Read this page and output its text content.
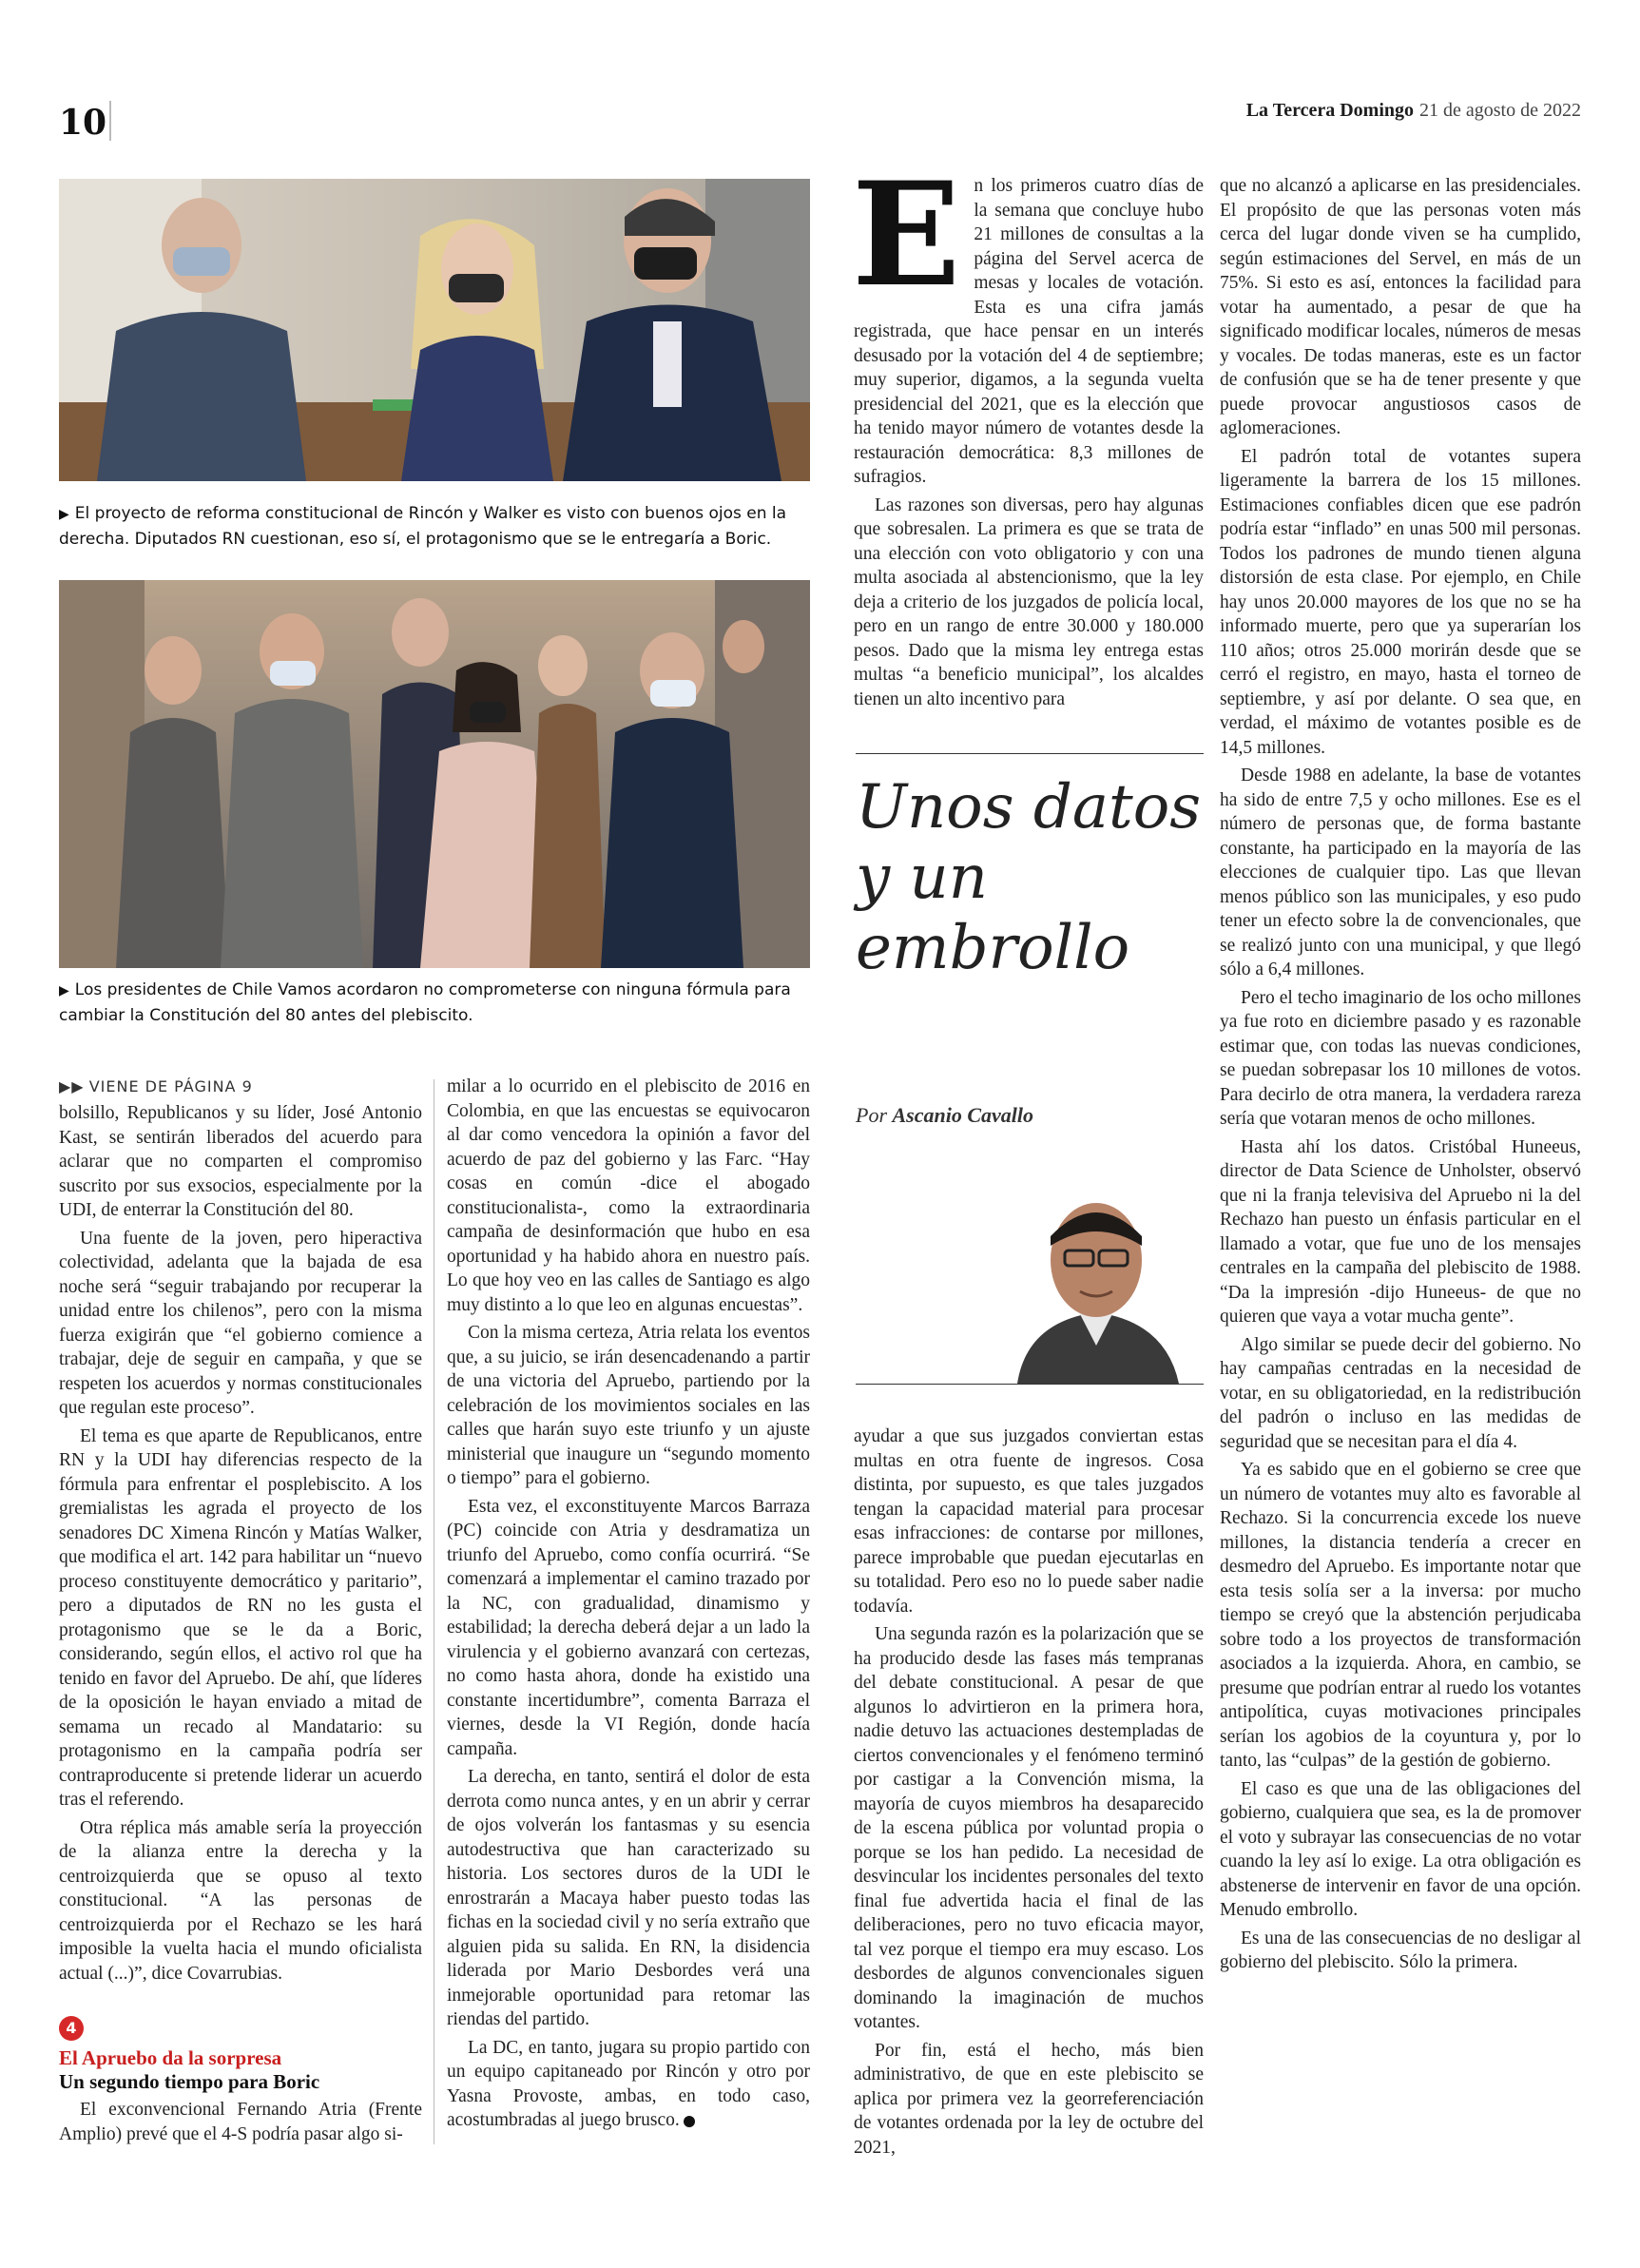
10	La Tercera Domingo 21 de agosto de 2022
▶ El proyecto de reforma constitucional de Rincón y Walker es visto con buenos ojos en la derecha. Diputados RN cuestionan, eso sí, el protagonismo que se le entregaría a Boric.
▶ Los presidentes de Chile Vamos acordaron no comprometerse con ninguna fórmula para cambiar la Constitución del 80 antes del plebiscito.
▶▶ VIENE DE PÁGINA 9

bolsillo, Republicanos y su líder, José Antonio Kast, se sentirán liberados del acuerdo para aclarar que no comparten el compromiso suscrito por sus exsocios, especialmente por la UDI, de enterrar la Constitución del 80.

Una fuente de la joven, pero hiperactiva colectividad, adelanta que la bajada de esa noche será “seguir trabajando por recuperar la unidad entre los chilenos”, pero con la misma fuerza exigirán que “el gobierno comience a trabajar, deje de seguir en campaña, y que se respeten los acuerdos y normas constitucionales que regulan este proceso”.

El tema es que aparte de Republicanos, entre RN y la UDI hay diferencias respecto de la fórmula para enfrentar el posplebiscito. A los gremialistas les agrada el proyecto de los senadores DC Ximena Rincón y Matías Walker, que modifica el art. 142 para habilitar un “nuevo proceso constituyente democrático y paritario”, pero a diputados de RN no les gusta el protagonismo que se le da a Boric, considerando, según ellos, el activo rol que ha tenido en favor del Apruebo. De ahí, que líderes de la oposición le hayan enviado a mitad de semama un recado al Mandatario: su protagonismo en la campaña podría ser contraproducente si pretende liderar un acuerdo tras el referendo.

Otra réplica más amable sería la proyección de la alianza entre la derecha y la centroizquierda que se opuso al texto constitucional. “A las personas de centroizquierda por el Rechazo se les hará imposible la vuelta hacia el mundo oficialista actual (...)”, dice Covarrubias.

4
El Apruebo da la sorpresa
Un segundo tiempo para Boric

El exconvencional Fernando Atria (Frente Amplio) prevé que el 4-S podría pasar algo si-

milar a lo ocurrido en el plebiscito de 2016 en Colombia, en que las encuestas se equivocaron al dar como vencedora la opinión a favor del acuerdo de paz del gobierno y las Farc. “Hay cosas en común -dice el abogado constitucionalista-, como la extraordinaria campaña de desinformación que hubo en esa oportunidad y ha habido ahora en nuestro país. Lo que hoy veo en las calles de Santiago es algo muy distinto a lo que leo en algunas encuestas”.

Con la misma certeza, Atria relata los eventos que, a su juicio, se irán desencadenando a partir de una victoria del Apruebo, partiendo por la celebración de los movimientos sociales en las calles que harán suyo este triunfo y un ajuste ministerial que inaugure un “segundo momento o tiempo” para el gobierno.

Esta vez, el exconstituyente Marcos Barraza (PC) coincide con Atria y desdramatiza un triunfo del Apruebo, como confía ocurrirá. “Se comenzará a implementar el camino trazado por la NC, con gradualidad, dinamismo y estabilidad; la derecha deberá dejar a un lado la virulencia y el gobierno avanzará con certezas, no como hasta ahora, donde ha existido una constante incertidumbre”, comenta Barraza el viernes, desde la VI Región, donde hacía campaña.

La derecha, en tanto, sentirá el dolor de esta derrota como nunca antes, y en un abrir y cerrar de ojos volverán los fantasmas y su esencia autodestructiva que han caracterizado su historia. Los sectores duros de la UDI le enrostrarán a Macaya haber puesto todas las fichas en la sociedad civil y no sería extraño que alguien pida su salida. En RN, la disidencia liderada por Mario Desbordes verá una inmejorable oportunidad para retomar las riendas del partido.

La DC, en tanto, jugara su propio partido con un equipo capitaneado por Rincón y otro por Yasna Provoste, ambas, en todo caso, acostumbradas al juego brusco.

E n los primeros cuatro días de la semana que concluye hubo 21 millones de consultas a la página del Servel acerca de mesas y locales de votación. Esta es una cifra jamás registrada, que hace pensar en un interés desusado por la votación del 4 de septiembre; muy superior, digamos, a la segunda vuelta presidencial del 2021, que es la elección que ha tenido mayor número de votantes desde la restauración democrática: 8,3 millones de sufragios.

Las razones son diversas, pero hay algunas que sobresalen. La primera es que se trata de una elección con voto obligatorio y con una multa asociada al abstencionismo, que la ley deja a criterio de los juzgados de policía local, pero en un rango de entre 30.000 y 180.000 pesos. Dado que la misma ley entrega estas multas “a beneficio municipal”, los alcaldes tienen un alto incentivo para

Unos datos y un embrollo
Por Ascanio Cavallo

ayudar a que sus juzgados conviertan estas multas en otra fuente de ingresos. Cosa distinta, por supuesto, es que tales juzgados tengan la capacidad material para procesar esas infracciones: de contarse por millones, parece improbable que puedan ejecutarlas en su totalidad. Pero eso no lo puede saber nadie todavía.

Una segunda razón es la polarización que se ha producido desde las fases más tempranas del debate constitucional. A pesar de que algunos lo advirtieron en la primera hora, nadie detuvo las actuaciones destempladas de ciertos convencionales y el fenómeno terminó por castigar a la Convención misma, la mayoría de cuyos miembros ha desaparecido de la escena pública por voluntad propia o porque se los han pedido. La necesidad de desvincular los incidentes personales del texto final fue advertida hacia el final de las deliberaciones, pero no tuvo eficacia mayor, tal vez porque el tiempo era muy escaso. Los desbordes de algunos convencionales siguen dominando la imaginación de muchos votantes.

Por fin, está el hecho, más bien administrativo, de que en este plebiscito se aplica por primera vez la georreferenciación de votantes ordenada por la ley de octubre del 2021,

que no alcanzó a aplicarse en las presidenciales. El propósito de que las personas voten más cerca del lugar donde viven se ha cumplido, según estimaciones del Servel, en más de un 75%. Si esto es así, entonces la facilidad para votar ha aumentado, a pesar de que ha significado modificar locales, números de mesas y vocales. De todas maneras, este es un factor de confusión que se ha de tener presente y que puede provocar angustiosos casos de aglomeraciones.

El padrón total de votantes supera ligeramente la barrera de los 15 millones. Estimaciones confiables dicen que ese padrón podría estar “inflado” en unas 500 mil personas. Todos los padrones de mundo tienen alguna distorsión de esta clase. Por ejemplo, en Chile hay unos 20.000 mayores de los que no se ha informado muerte, pero que ya superarían los 110 años; otros 25.000 morirán desde que se cerró el registro, en mayo, hasta el torneo de septiembre, y así por delante. O sea que, en verdad, el máximo de votantes posible es de 14,5 millones.

Desde 1988 en adelante, la base de votantes ha sido de entre 7,5 y ocho millones. Ese es el número de personas que, de forma bastante constante, ha participado en la mayoría de las elecciones de cualquier tipo. Las que llevan menos público son las municipales, y eso pudo tener un efecto sobre la de convencionales, que se realizó junto con una municipal, y que llegó sólo a 6,4 millones.

Pero el techo imaginario de los ocho millones ya fue roto en diciembre pasado y es razonable estimar que, con todas las nuevas condiciones, se puedan sobrepasar los 10 millones de votos. Para decirlo de otra manera, la verdadera rareza sería que votaran menos de ocho millones.

Hasta ahí los datos. Cristóbal Huneeus, director de Data Science de Unholster, observó que ni la franja televisiva del Apruebo ni la del Rechazo han puesto un énfasis particular en el llamado a votar, que fue uno de los mensajes centrales en la campaña del plebiscito de 1988. “Da la impresión -dijo Huneeus- de que no quieren que vaya a votar mucha gente”.

Algo similar se puede decir del gobierno. No hay campañas centradas en la necesidad de votar, en su obligatoriedad, en la redistribución del padrón o incluso en las medidas de seguridad que se necesitan para el día 4.

Ya es sabido que en el gobierno se cree que un número de votantes muy alto es favorable al Rechazo. Si la concurrencia excede los nueve millones, la distancia tendería a crecer en desmedro del Apruebo. Es importante notar que esta tesis solía ser a la inversa: por mucho tiempo se creyó que la abstención perjudicaba sobre todo a los proyectos de transformación asociados a la izquierda. Ahora, en cambio, se presume que podrían entrar al ruedo los votantes antipolítica, cuyas motivaciones principales serían los agobios de la coyuntura y, por lo tanto, las “culpas” de la gestión de gobierno.

El caso es que una de las obligaciones del gobierno, cualquiera que sea, es la de promover el voto y subrayar las consecuencias de no votar cuando la ley así lo exige. La otra obligación es abstenerse de intervenir en favor de una opción. Menudo embrollo.

Es una de las consecuencias de no desligar al gobierno del plebiscito. Sólo la primera.
